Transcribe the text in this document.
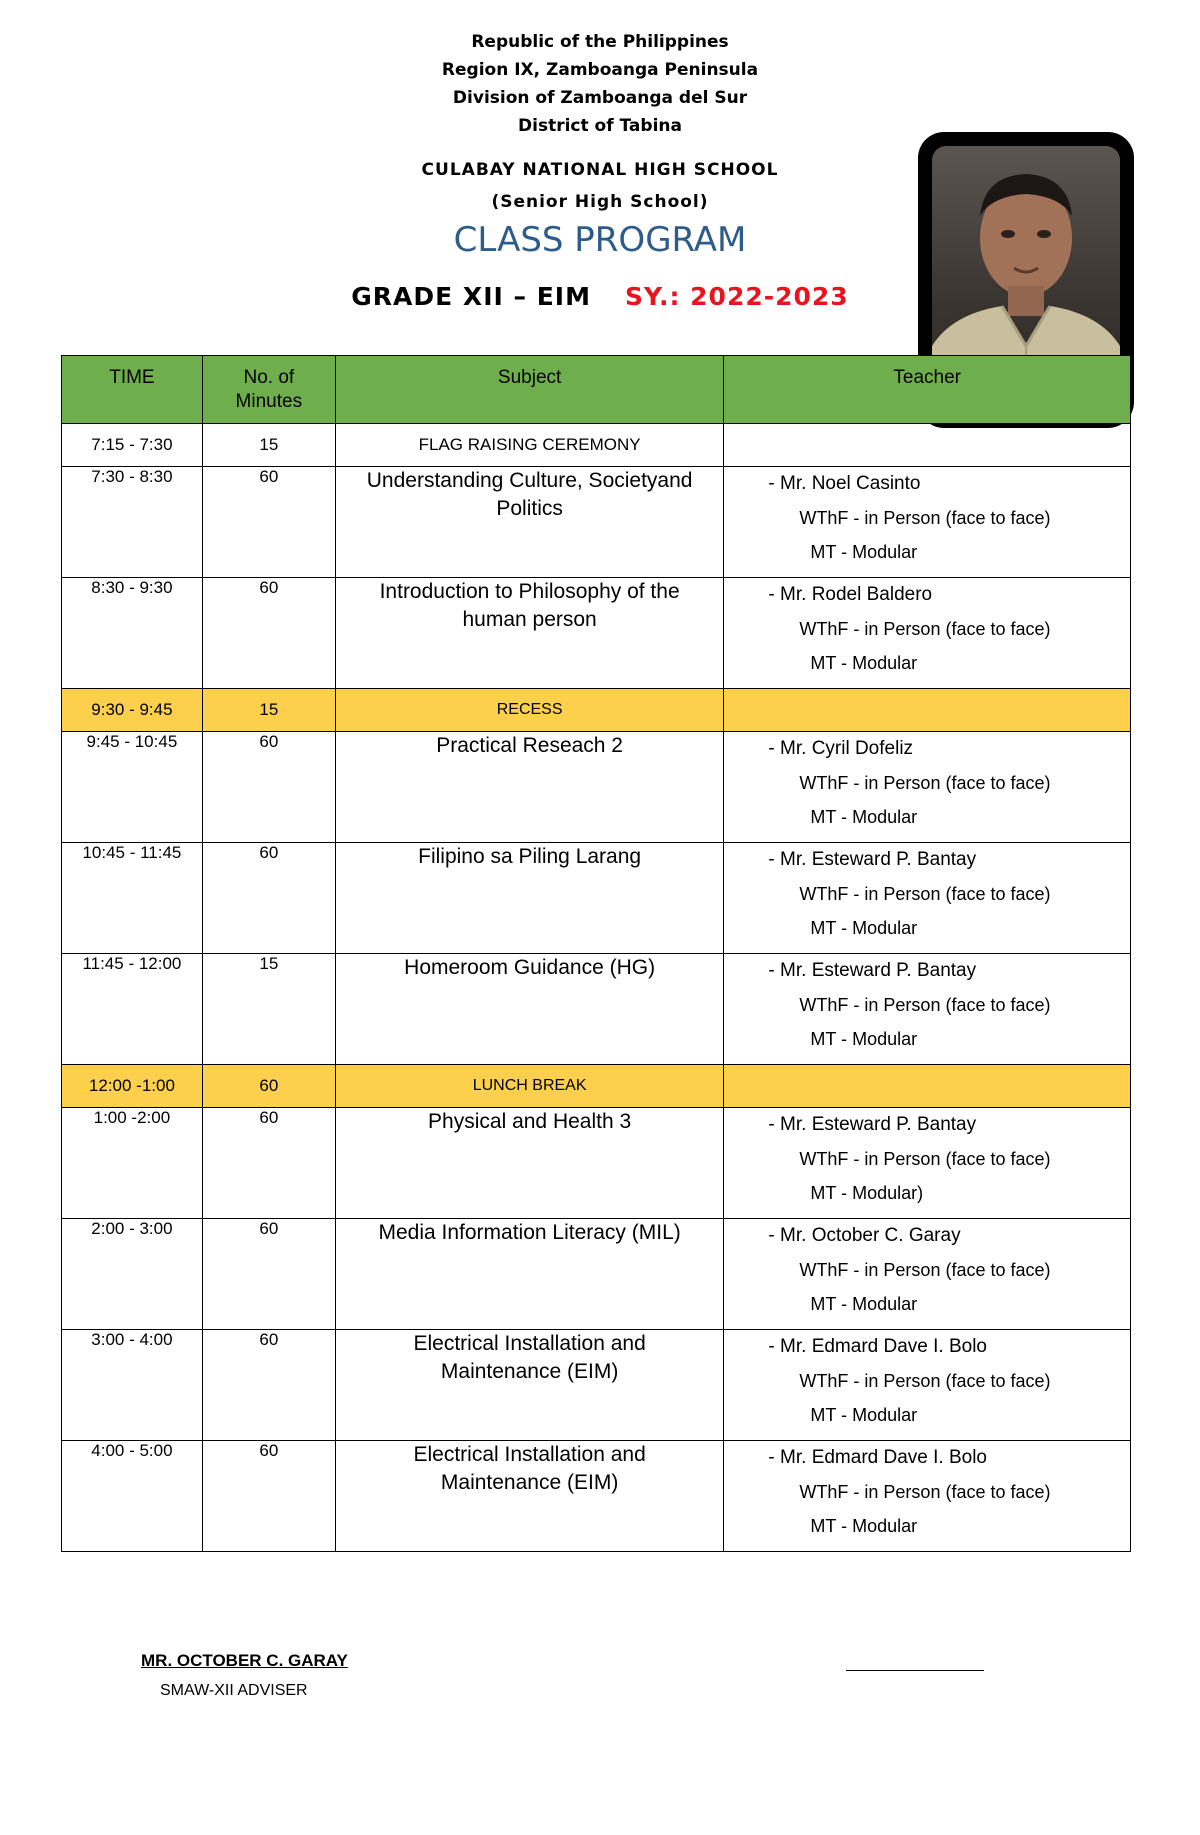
Republic of the Philippines
Region IX, Zamboanga Peninsula
Division of Zamboanga del Sur
District of Tabina
CULABAY NATIONAL HIGH SCHOOL
(Senior High School)
CLASS PROGRAM
GRADE XII – EIM SY.: 2022-2023
TIME	No. of Minutes	Subject	Teacher
7:15 - 7:30	15	FLAG RAISING CEREMONY	
7:30 - 8:30	60	Understanding Culture, Societyand Politics	- Mr. Noel Casinto
WThF - in Person (face to face)
MT - Modular

8:30 - 9:30	60	Introduction to Philosophy of the human person	- Mr. Rodel Baldero
WThF - in Person (face to face)
MT - Modular

9:30 - 9:45	15	RECESS	
9:45 - 10:45	60	Practical Reseach 2	- Mr. Cyril Dofeliz
WThF - in Person (face to face)
MT - Modular

10:45 - 11:45	60	Filipino sa Piling Larang	- Mr. Esteward P. Bantay
WThF - in Person (face to face)
MT - Modular

11:45 - 12:00	15	Homeroom Guidance (HG)	- Mr. Esteward P. Bantay
WThF - in Person (face to face)
MT - Modular

12:00 -1:00	60	LUNCH BREAK	
1:00 -2:00	60	Physical and Health 3	- Mr. Esteward P. Bantay
WThF - in Person (face to face)
MT - Modular)

2:00 - 3:00	60	Media Information Literacy (MIL)	- Mr. October C. Garay
WThF - in Person (face to face)
MT - Modular

3:00 - 4:00	60	Electrical Installation and Maintenance (EIM)	- Mr. Edmard Dave I. Bolo
WThF - in Person (face to face)
MT - Modular

4:00 - 5:00	60	Electrical Installation and Maintenance (EIM)	- Mr. Edmard Dave I. Bolo
WThF - in Person (face to face)
MT - Modular
MR. OCTOBER C. GARAY
SMAW-XII ADVISER
